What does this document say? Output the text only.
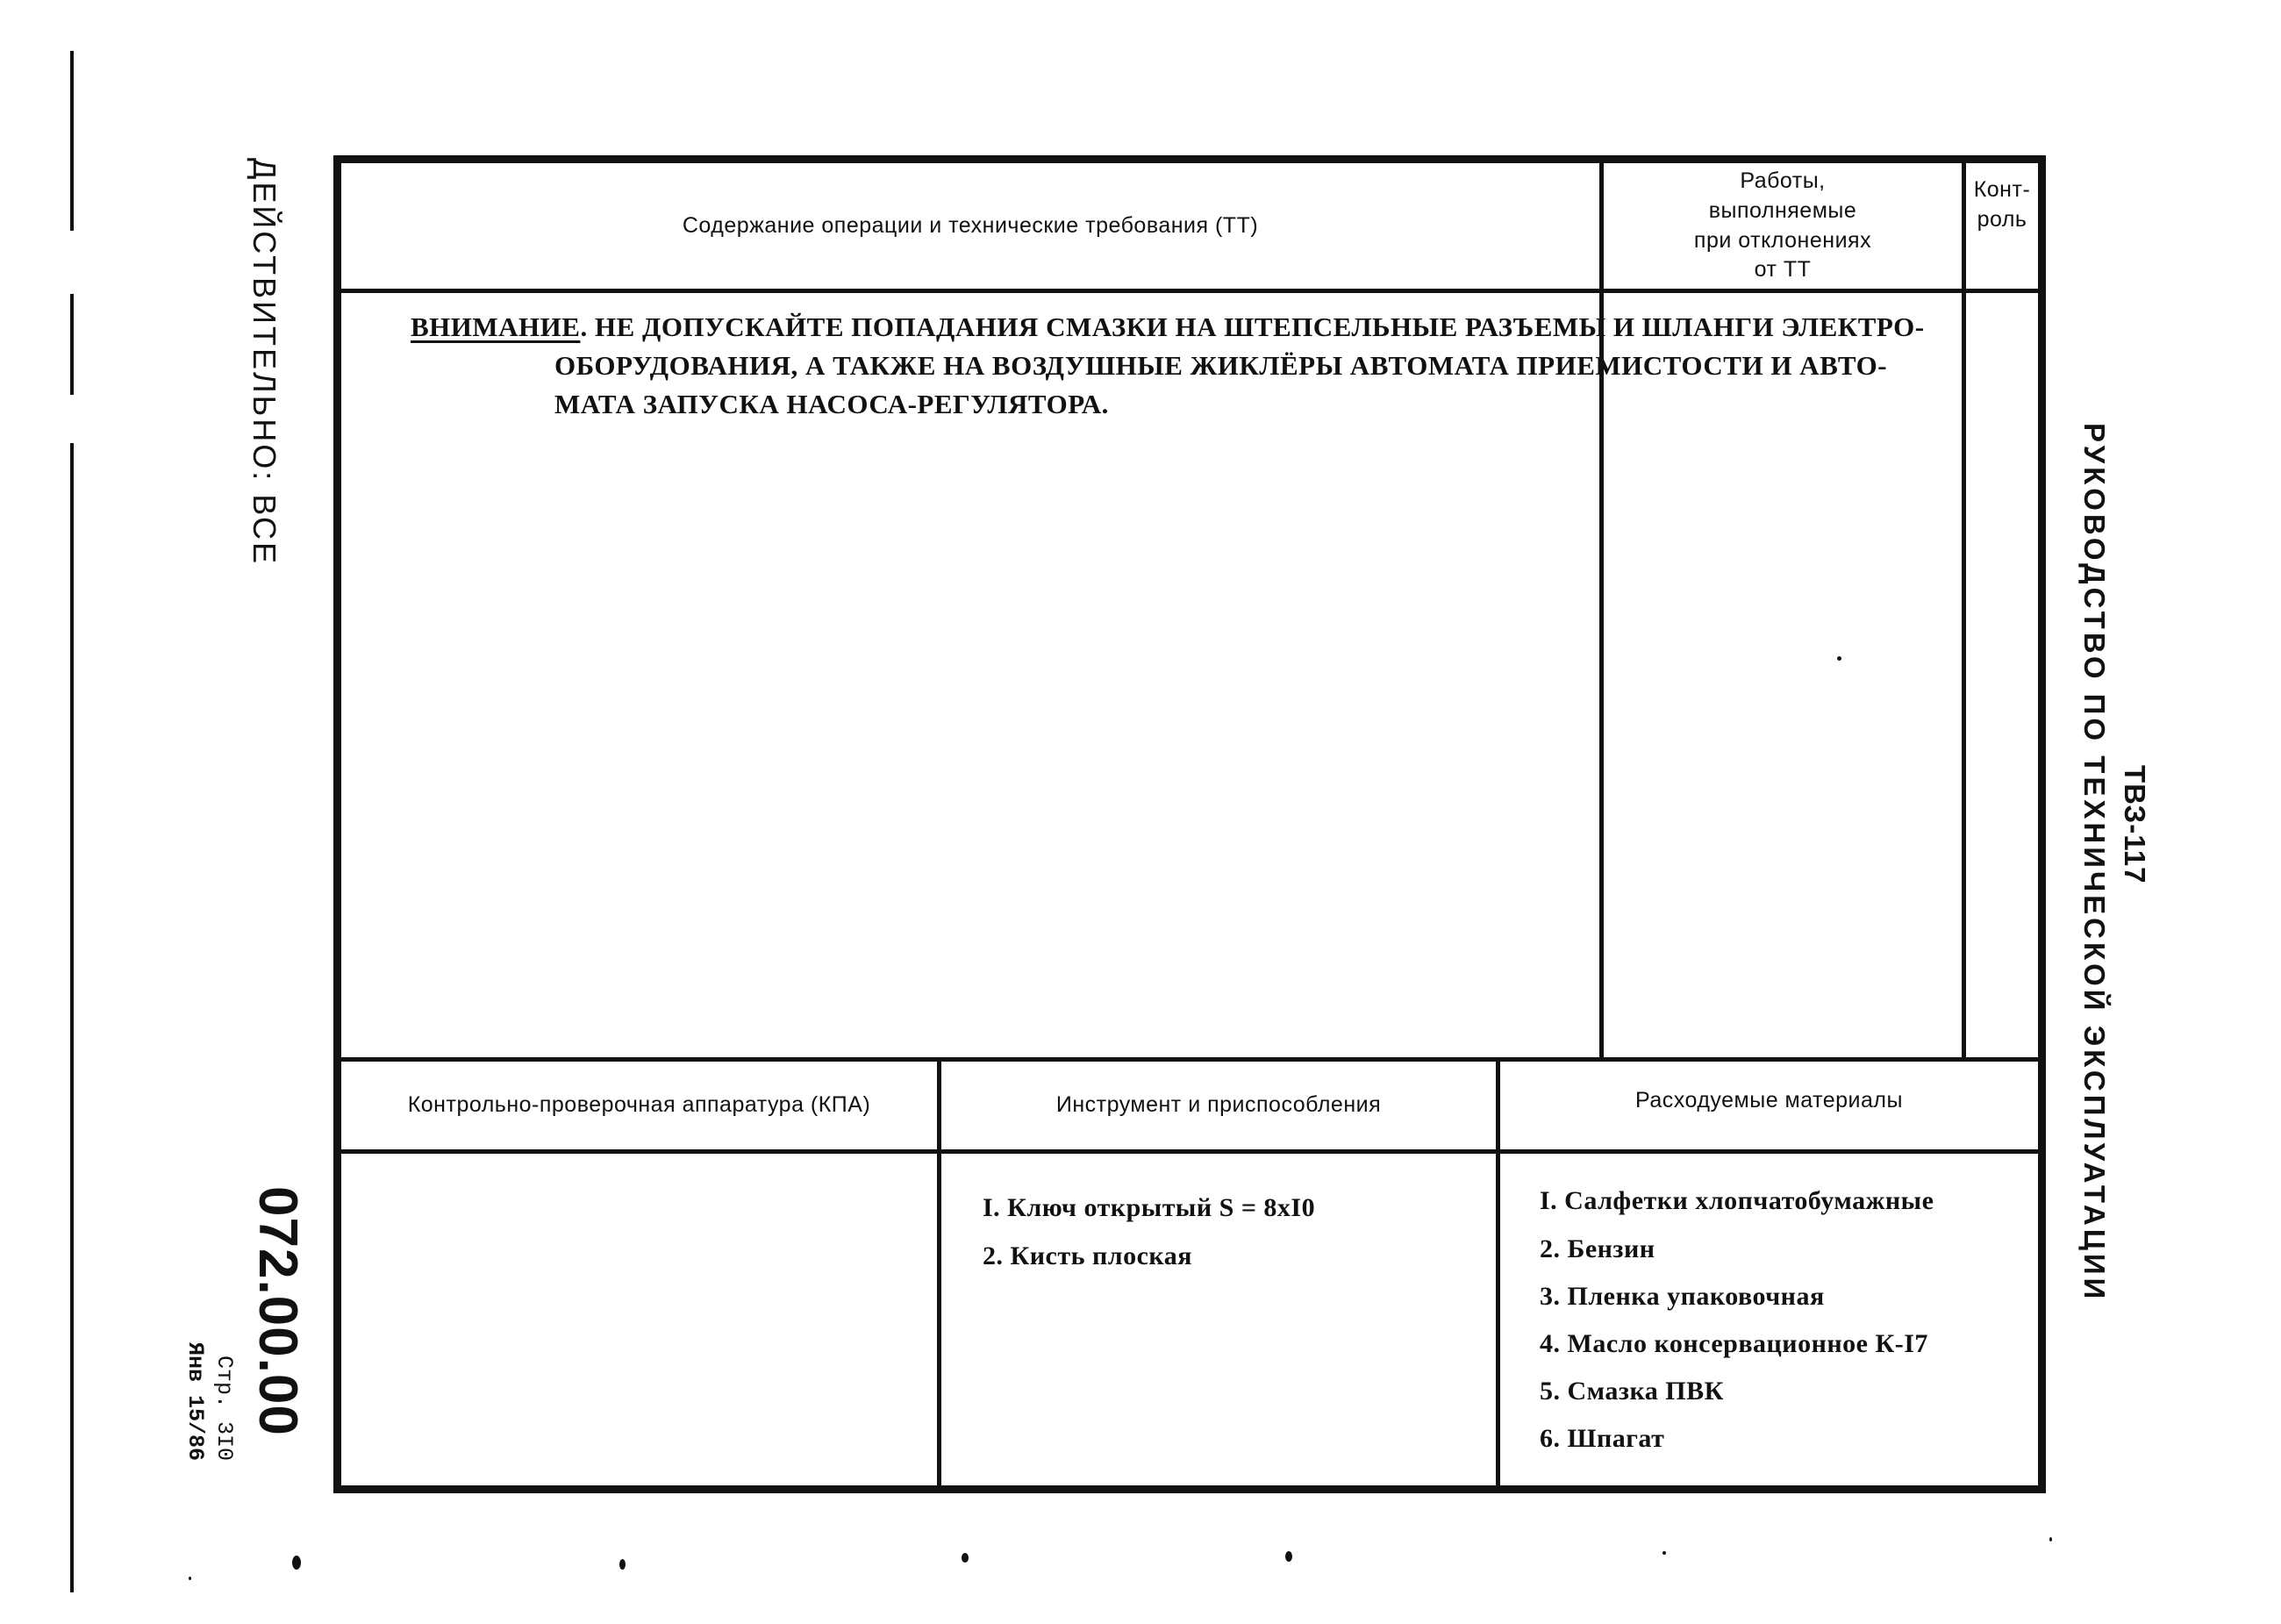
ДЕЙСТВИТЕЛЬНО: ВСЕ
072.00.00
Стр. 3I0
Янв 15/86
РУКОВОДСТВО ПО ТЕХНИЧЕСКОЙ ЭКСПЛУАТАЦИИ ТВЗ-117
Содержание операции и технические требования (ТТ)
Работы,
выполняемые
при отклонениях
от ТТ
Конт-
роль
ВНИМАНИЕ. НЕ ДОПУСКАЙТЕ ПОПАДАНИЯ СМАЗКИ НА ШТЕПСЕЛЬНЫЕ РАЗЪЕМЫ И ШЛАНГИ ЭЛЕКТРО-
ОБОРУДОВАНИЯ, А ТАКЖЕ НА ВОЗДУШНЫЕ ЖИКЛЁРЫ АВТОМАТА ПРИЕМИСТОСТИ И АВТО-
МАТА ЗАПУСКА НАСОСА-РЕГУЛЯТОРА.
Контрольно-проверочная аппаратура (КПА)	Инструмент и приспособления	Расходуемые материалы
I. Ключ открытый S = 8xI0
2. Кисть плоская
I. Салфетки хлопчатобумажные
2. Бензин
3. Пленка упаковочная
4. Масло консервационное К-I7
5. Смазка ПВК
6. Шпагат
